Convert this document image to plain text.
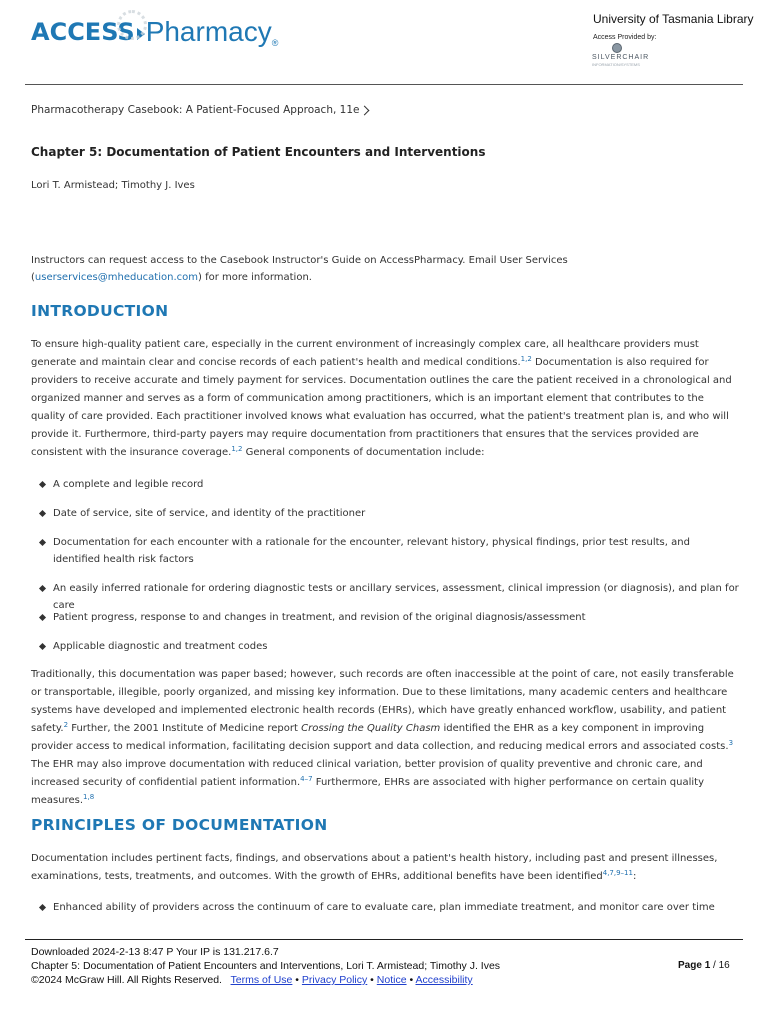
ACCESS Pharmacy ®
University of Tasmania Library
Access Provided by:
SILVERCHAIR
INFORMATION/SYSTEMS
Pharmacotherapy Casebook: A Patient-Focused Approach, 11e
Chapter 5: Documentation of Patient Encounters and Interventions
Lori T. Armistead; Timothy J. Ives
Instructors can request access to the Casebook Instructor's Guide on AccessPharmacy. Email User Services (userservices@mheducation.com) for more information.
INTRODUCTION
To ensure high-quality patient care, especially in the current environment of increasingly complex care, all healthcare providers must generate and maintain clear and concise records of each patient's health and medical conditions.$^{1,2}$ Documentation is also required for providers to receive accurate and timely payment for services. Documentation outlines the care the patient received in a chronological and organized manner and serves as a form of communication among practitioners, which is an important element that contributes to the quality of care provided. Each practitioner involved knows what evaluation has occurred, what the patient's treatment plan is, and who will provide it. Furthermore, third-party payers may require documentation from practitioners that ensures that the services provided are consistent with the insurance coverage.$^{1,2}$ General components of documentation include:
A complete and legible record
Date of service, site of service, and identity of the practitioner
Documentation for each encounter with a rationale for the encounter, relevant history, physical findings, prior test results, and identified health risk factors
An easily inferred rationale for ordering diagnostic tests or ancillary services, assessment, clinical impression (or diagnosis), and plan for care
Patient progress, response to and changes in treatment, and revision of the original diagnosis/assessment
Applicable diagnostic and treatment codes
Traditionally, this documentation was paper based; however, such records are often inaccessible at the point of care, not easily transferable or transportable, illegible, poorly organized, and missing key information. Due to these limitations, many academic centers and healthcare systems have developed and implemented electronic health records (EHRs), which have greatly enhanced workflow, usability, and patient safety.$^2$ Further, the 2001 Institute of Medicine report Crossing the Quality Chasm identified the EHR as a key component in improving provider access to medical information, facilitating decision support and data collection, and reducing medical errors and associated costs.$^3$ The EHR may also improve documentation with reduced clinical variation, better provision of quality preventive and chronic care, and increased security of confidential patient information.$^{4-7}$ Furthermore, EHRs are associated with higher performance on certain quality measures.$^{1,8}$
PRINCIPLES OF DOCUMENTATION
Documentation includes pertinent facts, findings, and observations about a patient's health history, including past and present illnesses, examinations, tests, treatments, and outcomes. With the growth of EHRs, additional benefits have been identified$^{4,7,9-11}$:
Enhanced ability of providers across the continuum of care to evaluate care, plan immediate treatment, and monitor care over time
Downloaded 2024-2-13 8:47 P Your IP is 131.217.6.7
Chapter 5: Documentation of Patient Encounters and Interventions, Lori T. Armistead; Timothy J. Ives
©2024 McGraw Hill. All Rights Reserved. Terms of Use • Privacy Policy • Notice • Accessibility
Page 1 / 16
